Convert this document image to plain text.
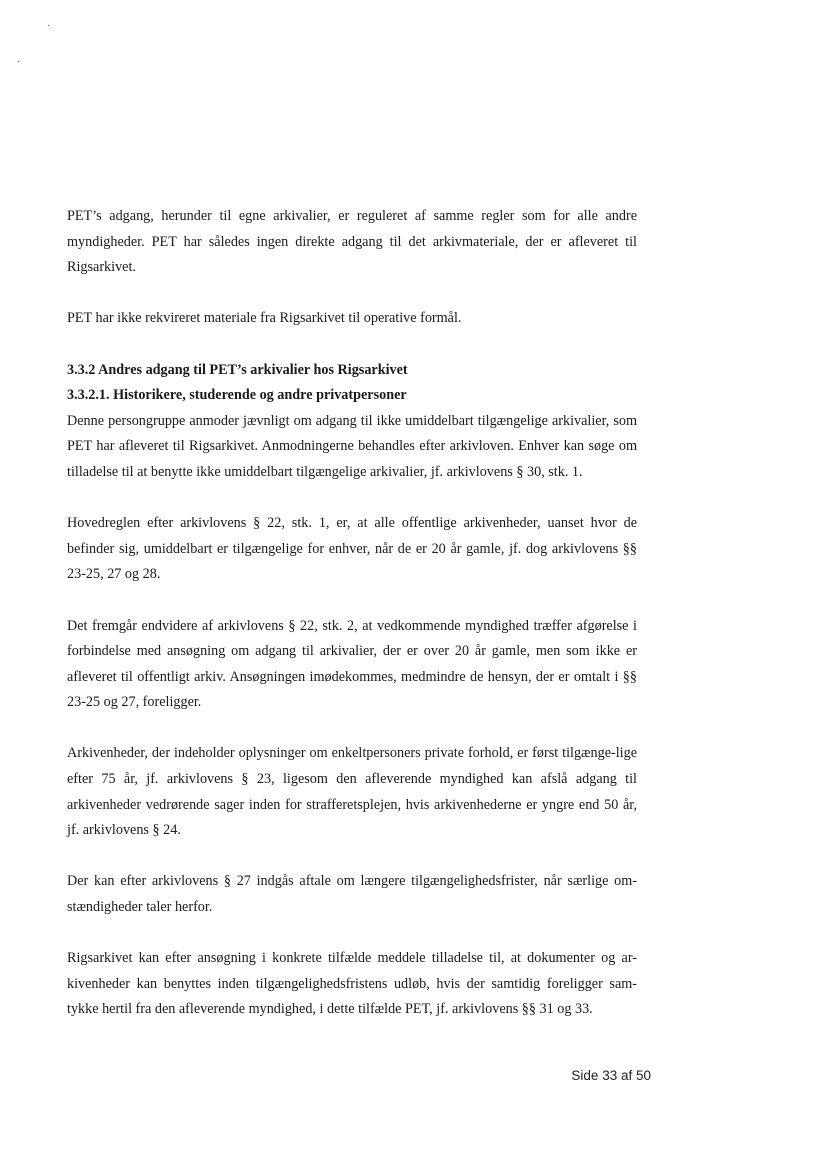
PET’s adgang, herunder til egne arkivalier, er reguleret af samme regler som for alle andre myndigheder. PET har således ingen direkte adgang til det arkivmateriale, der er afleveret til Rigsarkivet.

PET har ikke rekvireret materiale fra Rigsarkivet til operative formål.

3.3.2 Andres adgang til PET’s arkivalier hos Rigsarkivet
3.3.2.1. Historikere, studerende og andre privatpersoner

Denne persongruppe anmoder jævnligt om adgang til ikke umiddelbart tilgængelige arkivalier, som PET har afleveret til Rigsarkivet. Anmodningerne behandles efter arkivloven. Enhver kan søge om tilladelse til at benytte ikke umiddelbart tilgængelige arkivalier, jf. arkivlovens § 30, stk. 1.

Hovedreglen efter arkivlovens § 22, stk. 1, er, at alle offentlige arkivenheder, uanset hvor de befinder sig, umiddelbart er tilgængelige for enhver, når de er 20 år gamle, jf. dog arkivlovens §§ 23-25, 27 og 28.

Det fremgår endvidere af arkivlovens § 22, stk. 2, at vedkommende myndighed træffer afgørelse i forbindelse med ansøgning om adgang til arkivalier, der er over 20 år gamle, men som ikke er afleveret til offentligt arkiv. Ansøgningen imødekommes, medmindre de hensyn, der er omtalt i §§ 23-25 og 27, foreligger.

Arkivenheder, der indeholder oplysninger om enkeltpersoners private forhold, er først tilgænge-lige efter 75 år, jf. arkivlovens § 23, ligesom den afleverende myndighed kan afslå adgang til arkivenheder vedrørende sager inden for strafferetsplejen, hvis arkivenhederne er yngre end 50 år, jf. arkivlovens § 24.

Der kan efter arkivlovens § 27 indgås aftale om længere tilgængelighedsfrister, når særlige om-stændigheder taler herfor.

Rigsarkivet kan efter ansøgning i konkrete tilfælde meddele tilladelse til, at dokumenter og ar-kivenheder kan benyttes inden tilgængelighedsfristens udløb, hvis der samtidig foreligger sam-tykke hertil fra den afleverende myndighed, i dette tilfælde PET, jf. arkivlovens §§ 31 og 33.

Side 33 af 50
